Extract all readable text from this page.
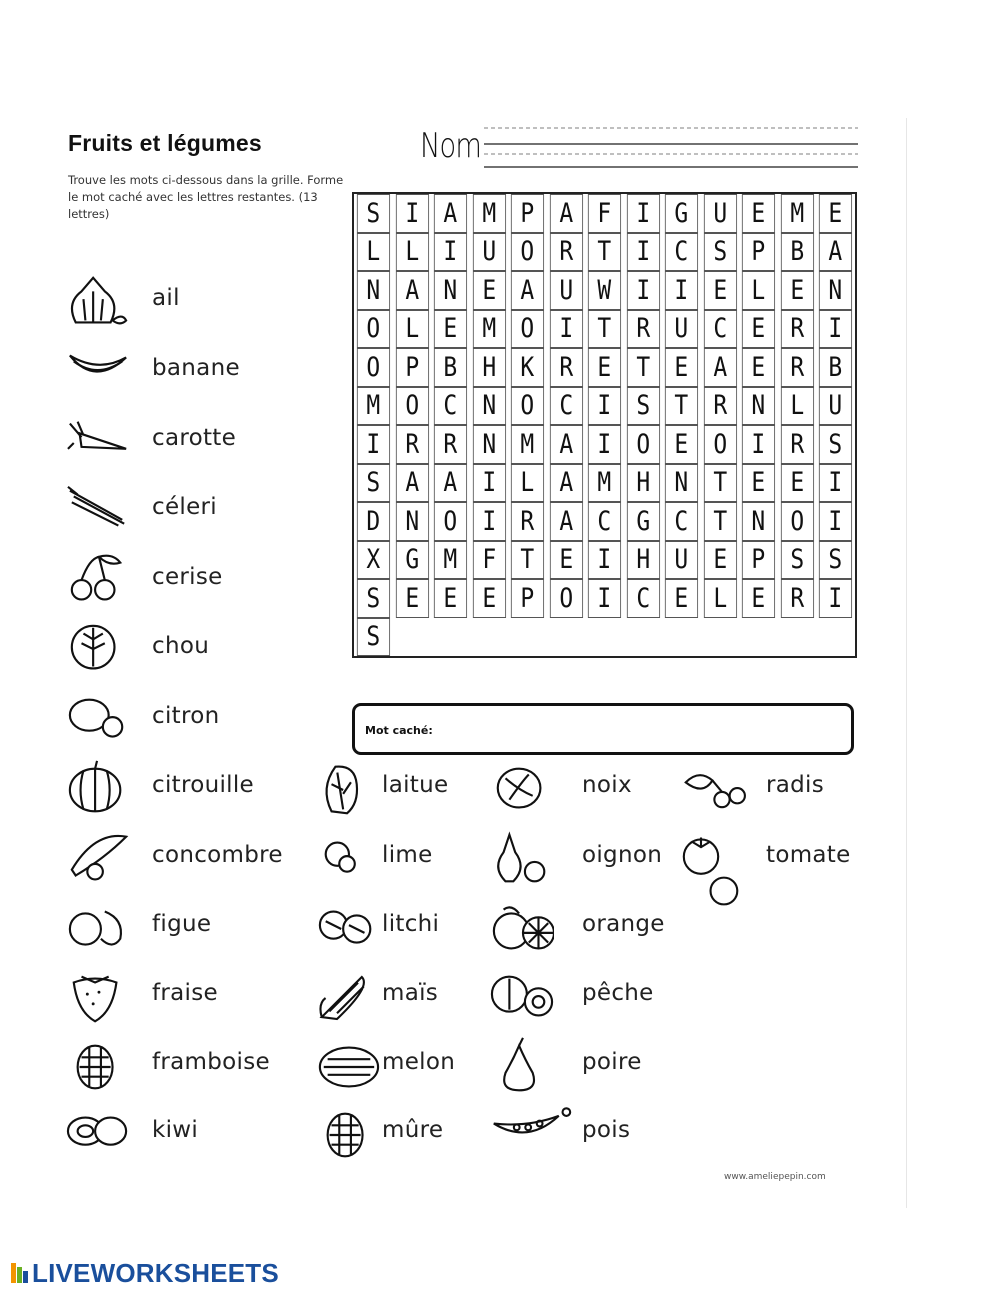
Fruits et légumes
Trouve les mots ci-dessous dans la grille. Forme le mot caché avec les lettres restantes. (13 lettres)
Nom
S I A M P A F I G U E M E
L L I U O R T I C S P B A
N A N E A U W I I E L E N
O L E M O I T R U C E R I
O P B H K R E T E A E R B
M O C N O C I S T R N L U
I R R N M A I O E O I R S
S A A I L A M H N T E E I
D N O I R A C G C T N O I
X G M F T E I H U E P S S
S E E E P O I C E L E R I
S
Mot caché:
ail
banane
carotte
céleri
cerise
chou
citron
citrouille
concombre
figue
fraise
framboise
kiwi
laitue
lime
litchi
maïs
melon
mûre
noix
oignon
orange
pêche
poire
pois
radis
tomate
www.ameliepepin.com
LIVEWORKSHEETS
